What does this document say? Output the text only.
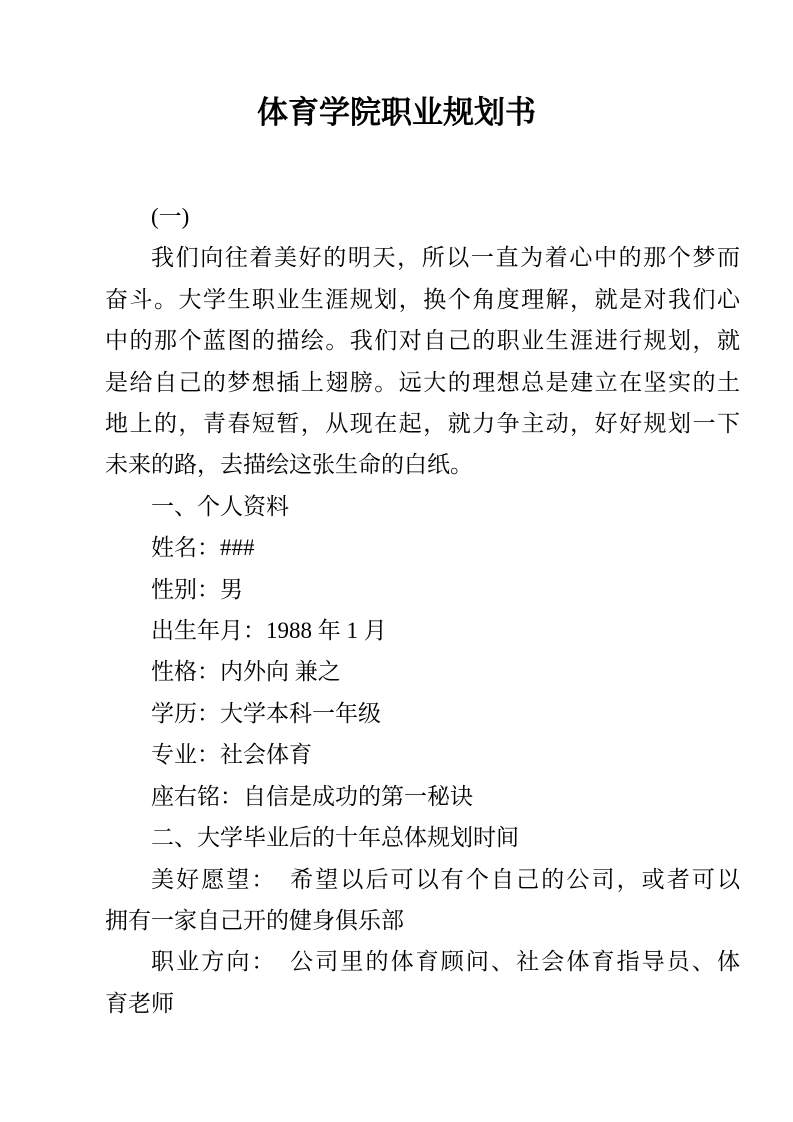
体育学院职业规划书
(一)
我们向往着美好的明天，所以一直为着心中的那个梦而
奋斗。大学生职业生涯规划，换个角度理解，就是对我们心
中的那个蓝图的描绘。我们对自己的职业生涯进行规划，就
是给自己的梦想插上翅膀。远大的理想总是建立在坚实的土
地上的，青春短暂，从现在起，就力争主动，好好规划一下
未来的路，去描绘这张生命的白纸。
一、个人资料
姓名：###
性别：男
出生年月：1988 年 1 月
性格：内外向 兼之
学历：大学本科一年级
专业：社会体育
座右铭：自信是成功的第一秘诀
二、大学毕业后的十年总体规划时间
美好愿望：　希望以后可以有个自己的公司，或者可以
拥有一家自己开的健身俱乐部
职业方向：　公司里的体育顾问、社会体育指导员、体
育老师
